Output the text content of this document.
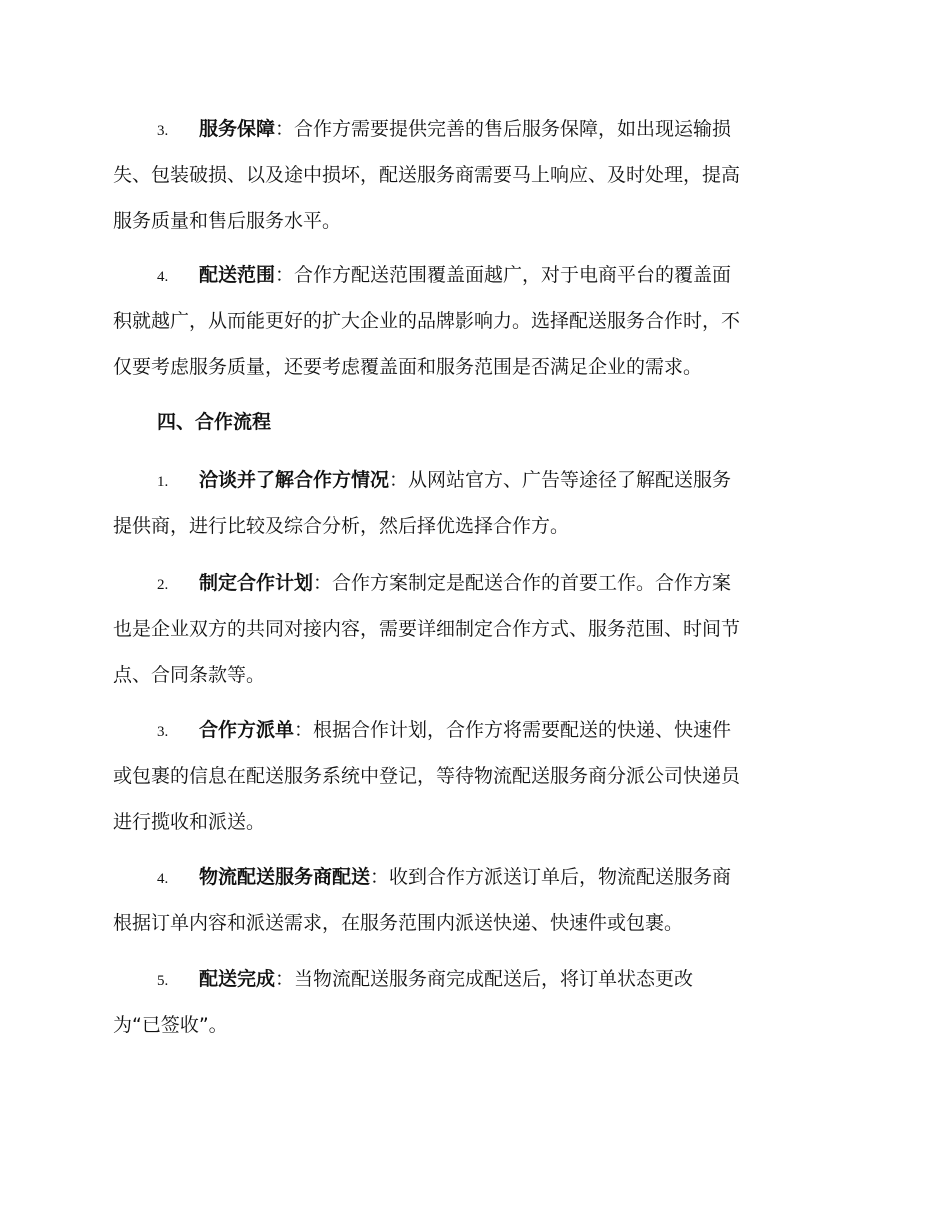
3. 服务保障：合作方需要提供完善的售后服务保障，如出现运输损
失、包装破损、以及途中损坏，配送服务商需要马上响应、及时处理，提高
服务质量和售后服务水平。
4. 配送范围：合作方配送范围覆盖面越广，对于电商平台的覆盖面
积就越广，从而能更好的扩大企业的品牌影响力。选择配送服务合作时，不
仅要考虑服务质量，还要考虑覆盖面和服务范围是否满足企业的需求。
四、合作流程
1. 洽谈并了解合作方情况：从网站官方、广告等途径了解配送服务
提供商，进行比较及综合分析，然后择优选择合作方。
2. 制定合作计划：合作方案制定是配送合作的首要工作。合作方案
也是企业双方的共同对接内容，需要详细制定合作方式、服务范围、时间节
点、合同条款等。
3. 合作方派单：根据合作计划，合作方将需要配送的快递、快速件
或包裹的信息在配送服务系统中登记，等待物流配送服务商分派公司快递员
进行揽收和派送。
4. 物流配送服务商配送：收到合作方派送订单后，物流配送服务商
根据订单内容和派送需求，在服务范围内派送快递、快速件或包裹。
5. 配送完成：当物流配送服务商完成配送后，将订单状态更改
为“已签收”。
